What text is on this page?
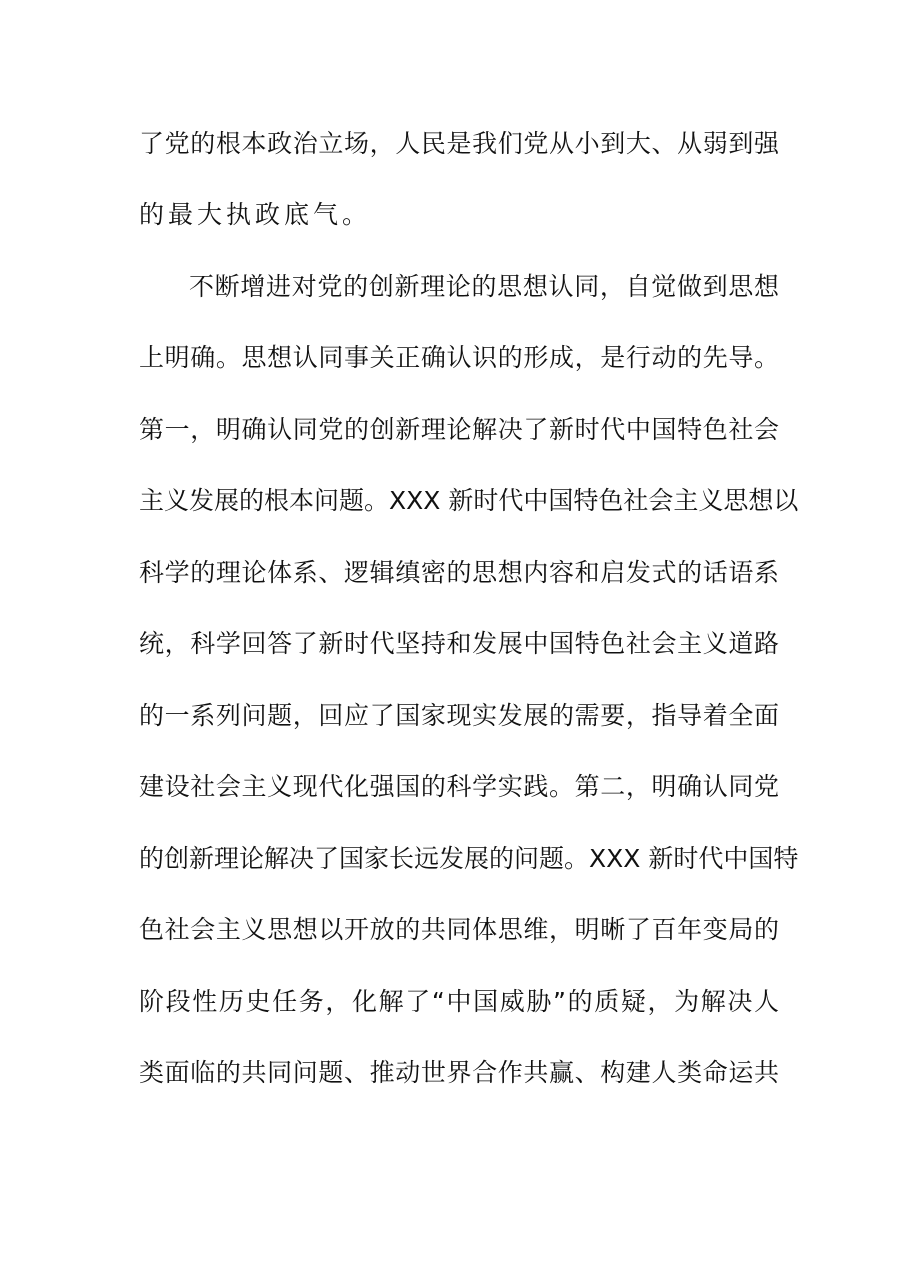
了党的根本政治立场，人民是我们党从小到大、从弱到强
的最大执政底气。
不断增进对党的创新理论的思想认同，自觉做到思想
上明确。思想认同事关正确认识的形成，是行动的先导。
第一，明确认同党的创新理论解决了新时代中国特色社会
主义发展的根本问题。XXX 新时代中国特色社会主义思想以
科学的理论体系、逻辑缜密的思想内容和启发式的话语系
统，科学回答了新时代坚持和发展中国特色社会主义道路
的一系列问题，回应了国家现实发展的需要，指导着全面
建设社会主义现代化强国的科学实践。第二，明确认同党
的创新理论解决了国家长远发展的问题。XXX 新时代中国特
色社会主义思想以开放的共同体思维，明晰了百年变局的
阶段性历史任务，化解了“中国威胁”的质疑，为解决人
类面临的共同问题、推动世界合作共赢、构建人类命运共
